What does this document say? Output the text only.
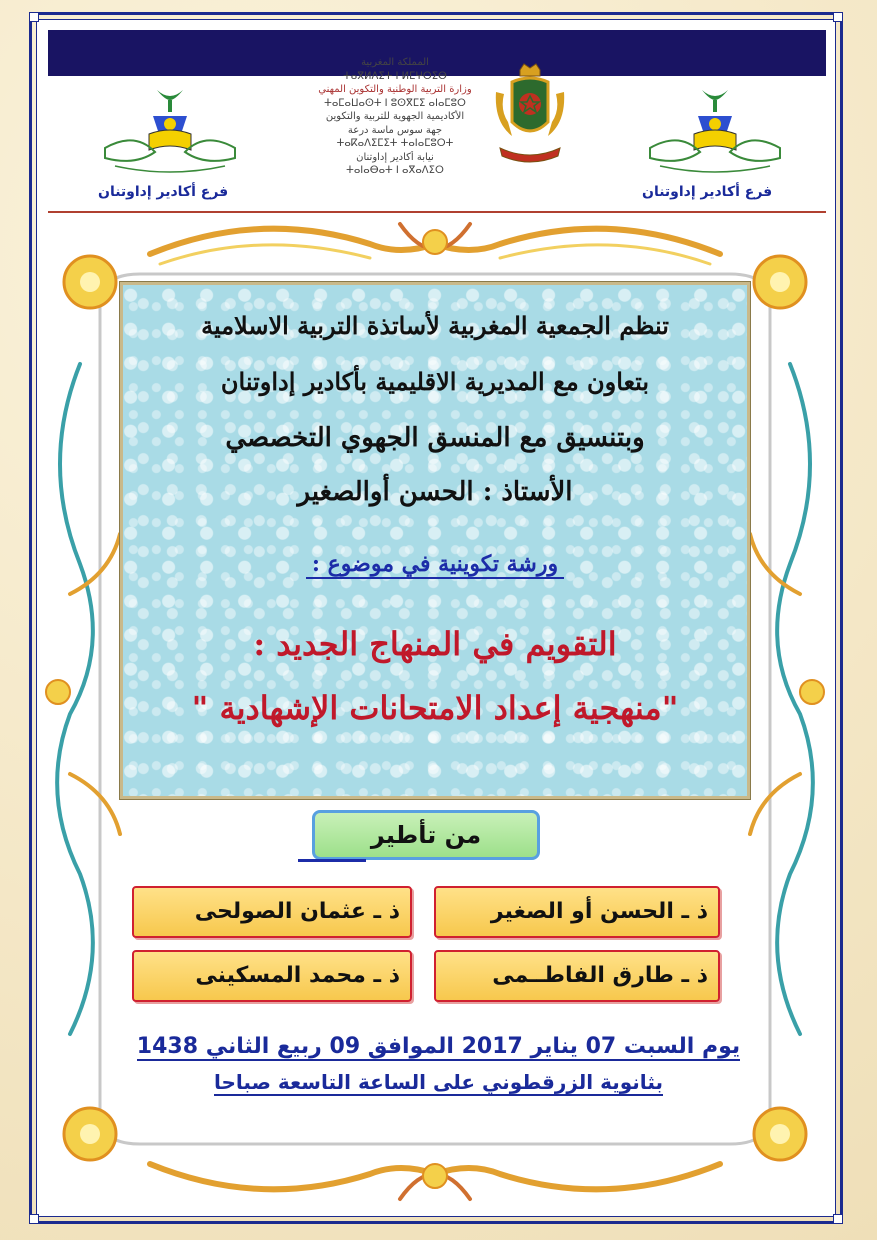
فرع أكادير إداوتنان	فرع أكادير إداوتنان
المملكة المغربية
ⵜⴰⴳⵍⴷⵉⵜ ⵏ ⵍⵎⵖⵔⵉⴱ
وزارة التربية الوطنية والتكوين المهني
ⵜⴰⵎⴰⵡⴰⵙⵜ ⵏ ⵓⵙⴳⵎⵉ ⴰⵏⴰⵎⵓⵔ
الأكاديمية الجهوية للتربية والتكوين
جهة سوس ماسة درعة
ⵜⴰⴽⴰⴷⵉⵎⵉⵜ ⵜⴰⵏⴰⵎⵓⵔⵜ
نيابة أكادير إداوتنان
ⵜⴰⵏⴰⴱⴰⵜ ⵏ ⴰⴳⴰⴷⵉⵔ
تنظم الجمعية المغربية لأساتذة التربية الاسلامية
بتعاون مع المديرية الاقليمية بأكادير إداوتنان
وبتنسيق مع المنسق الجهوي التخصصي
الأستاذ : الحسن أوالصغير
ورشة تكوينية في موضوع :
التقويم في المنهاج الجديد :
"منهجية إعداد الامتحانات الإشهادية "
من تأطير
ذ ـ الحسن أو الصغير
ذ ـ عثمان الصولحى
ذ ـ طارق الفاطــمى
ذ ـ محمد المسكينى
يوم السبت 07 يناير 2017 الموافق 09 ربيع الثاني 1438
بثانوية الزرقطوني على الساعة التاسعة صباحا
